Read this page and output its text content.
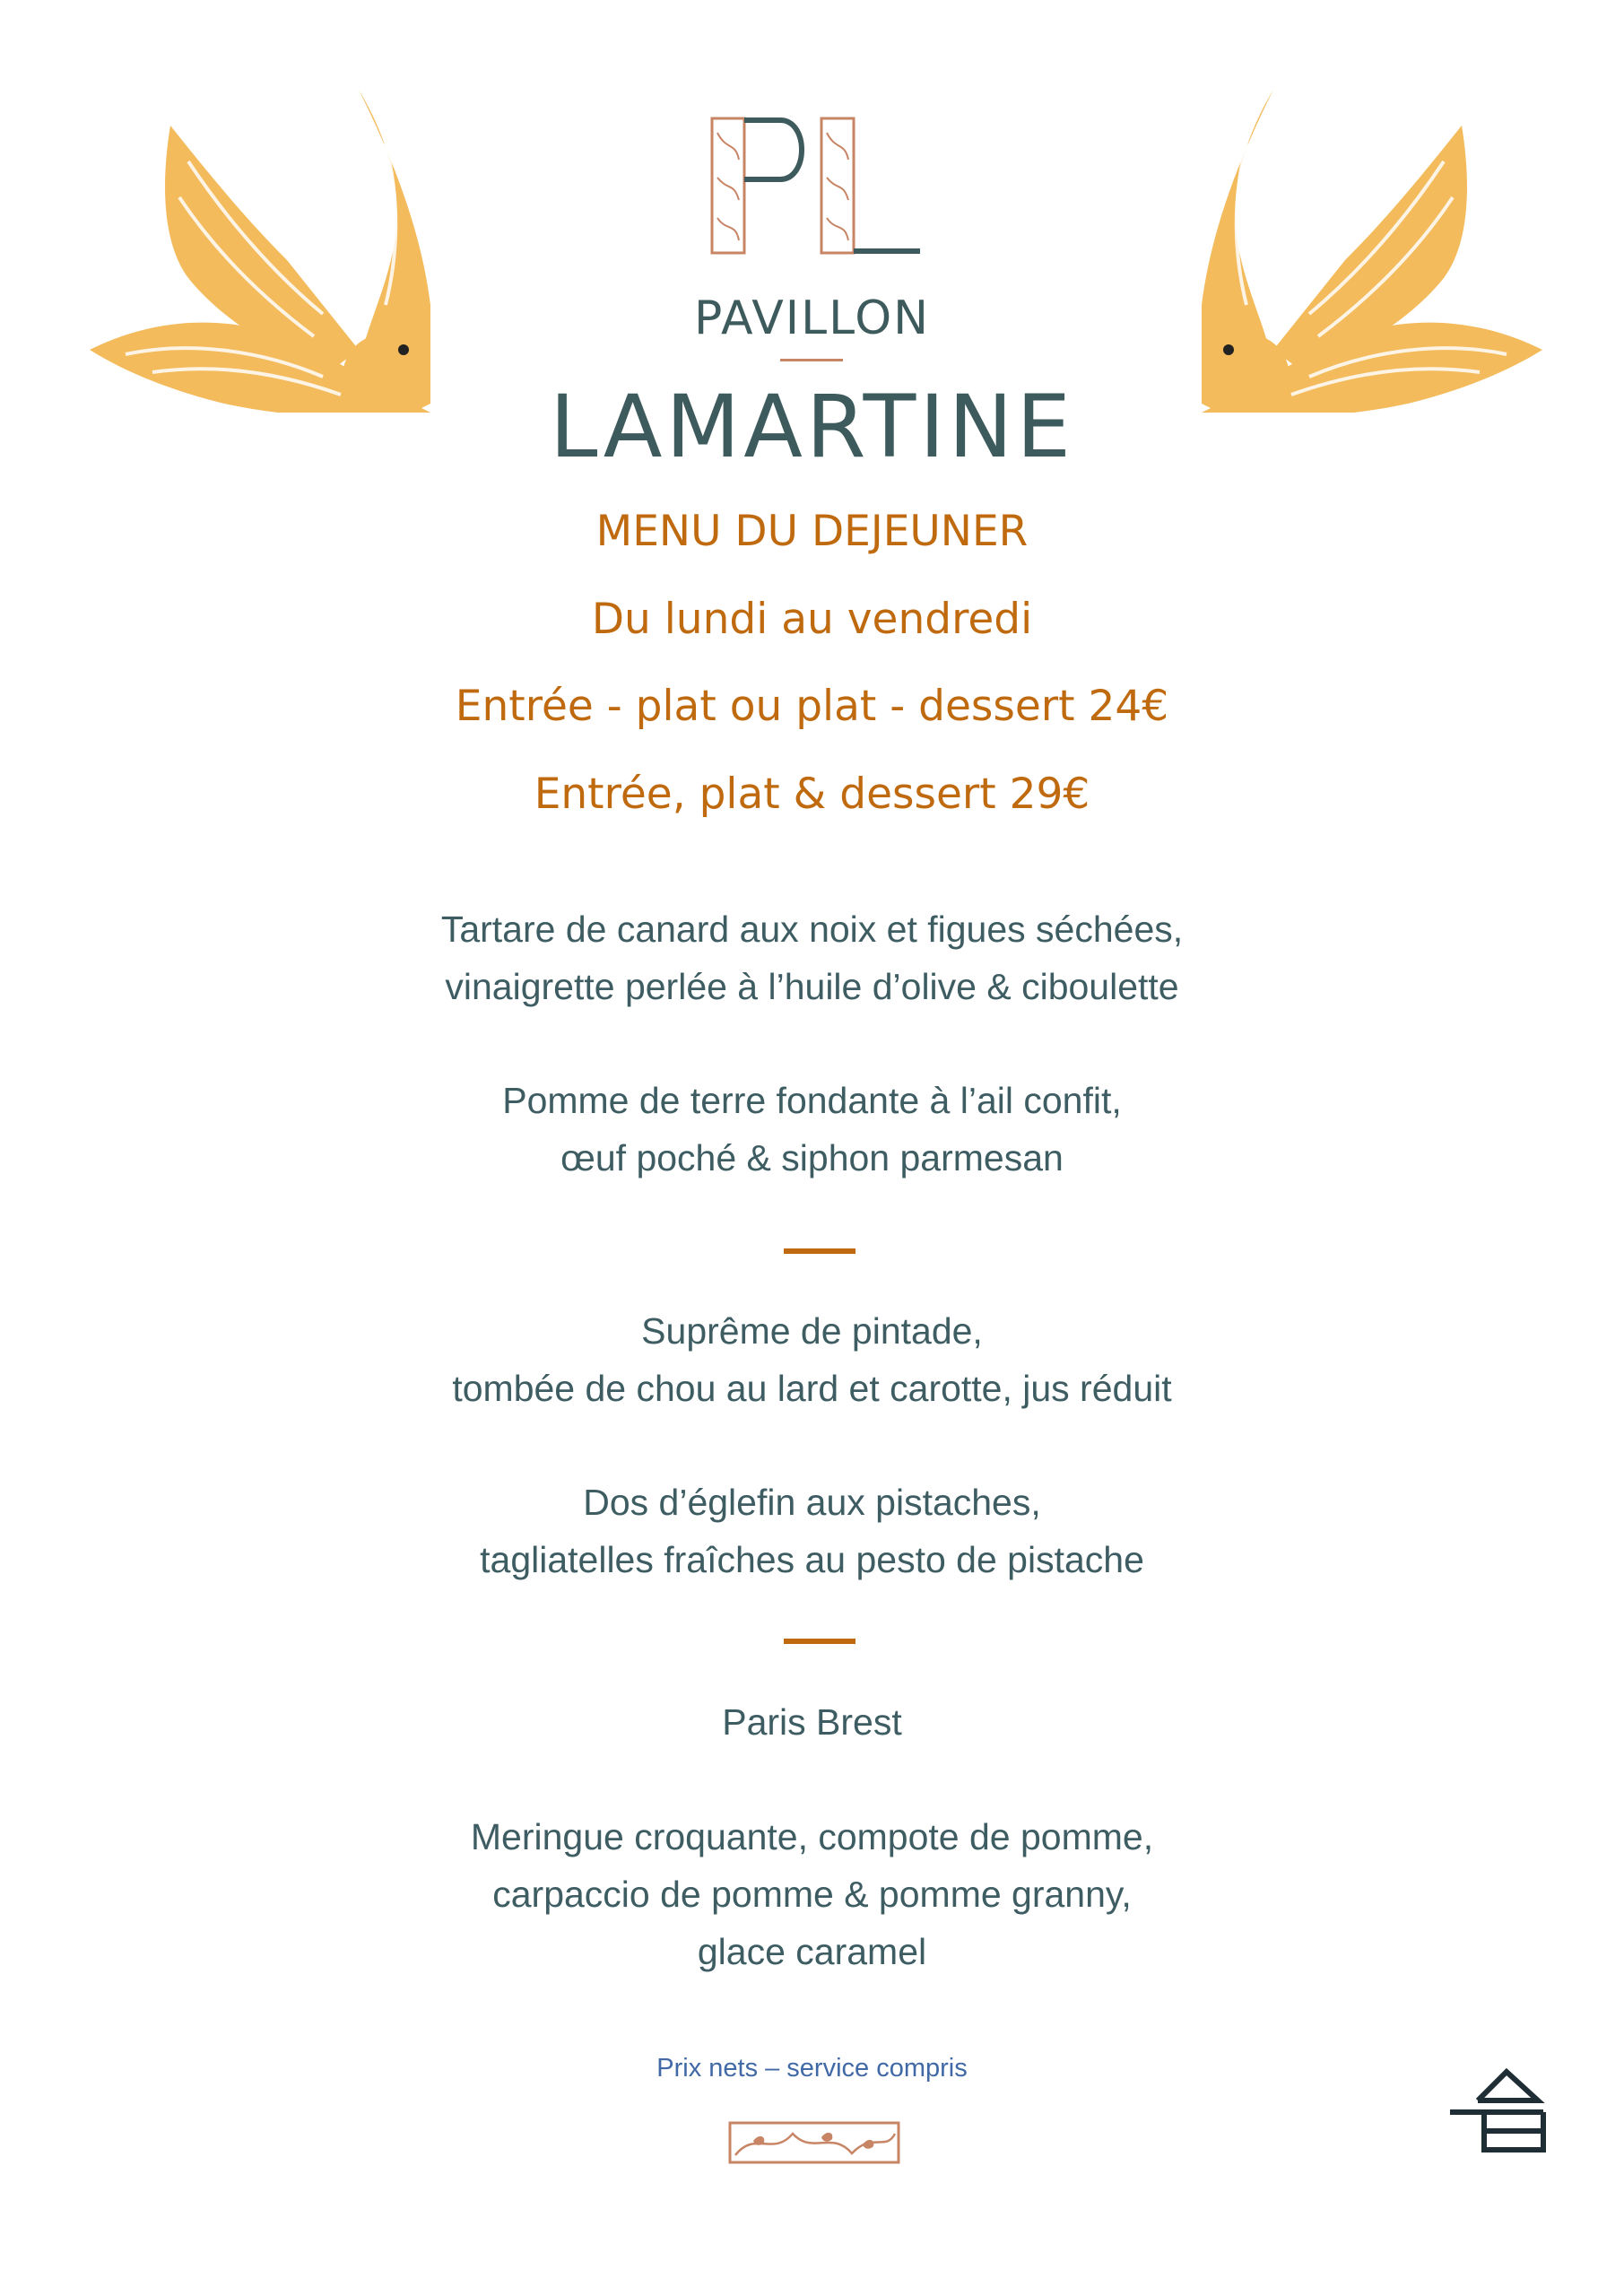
PAVILLON
LAMARTINE
MENU DU DEJEUNER
Du lundi au vendredi
Entrée - plat ou plat - dessert 24€
Entrée, plat & dessert 29€
Tartare de canard aux noix et figues séchées,
vinaigrette perlée à l’huile d’olive & ciboulette
Pomme de terre fondante à l’ail confit,
œuf poché & siphon parmesan
Suprême de pintade,
tombée de chou au lard et carotte, jus réduit
Dos d’églefin aux pistaches,
tagliatelles fraîches au pesto de pistache
Paris Brest
Meringue croquante, compote de pomme,
carpaccio de pomme & pomme granny,
glace caramel
Prix nets – service compris
